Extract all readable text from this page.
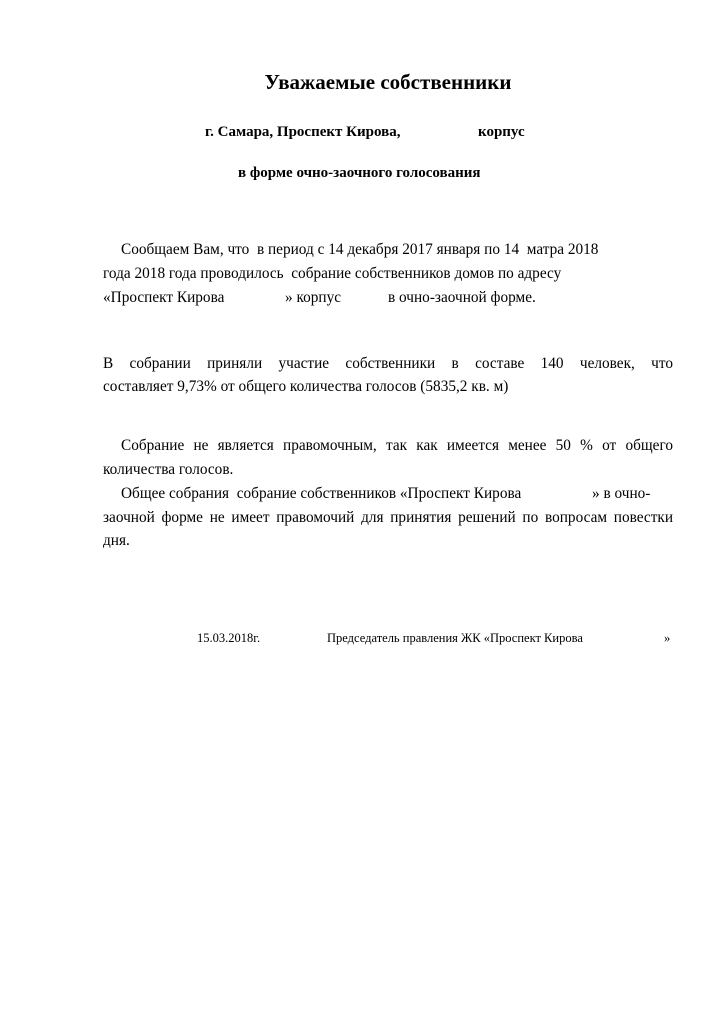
Уважаемые собственники
г. Самара, Проспект Кирова,	корпус
в форме очно-заочного голосования
Сообщаем Вам, что  в период с 14 декабря 2017 января по 14  матра 2018
года 2018 года проводилось  собрание собственников домов по адресу
«Проспект Кирова	» корпус	в очно-заочной форме.
В собрании приняли участие собственники в составе 140 человек, что
составляет 9,73% от общего количества голосов (5835,2 кв. м)
Собрание не является правомочным, так как имеется менее 50 % от общего
количества голосов.
Общее собрания  собрание собственников «Проспект Кирова	» в очно-
заочной форме не имеет правомочий для принятия решений по вопросам повестки
дня.
15.03.2018г.	Председатель правления ЖК «Проспект Кирова	»
